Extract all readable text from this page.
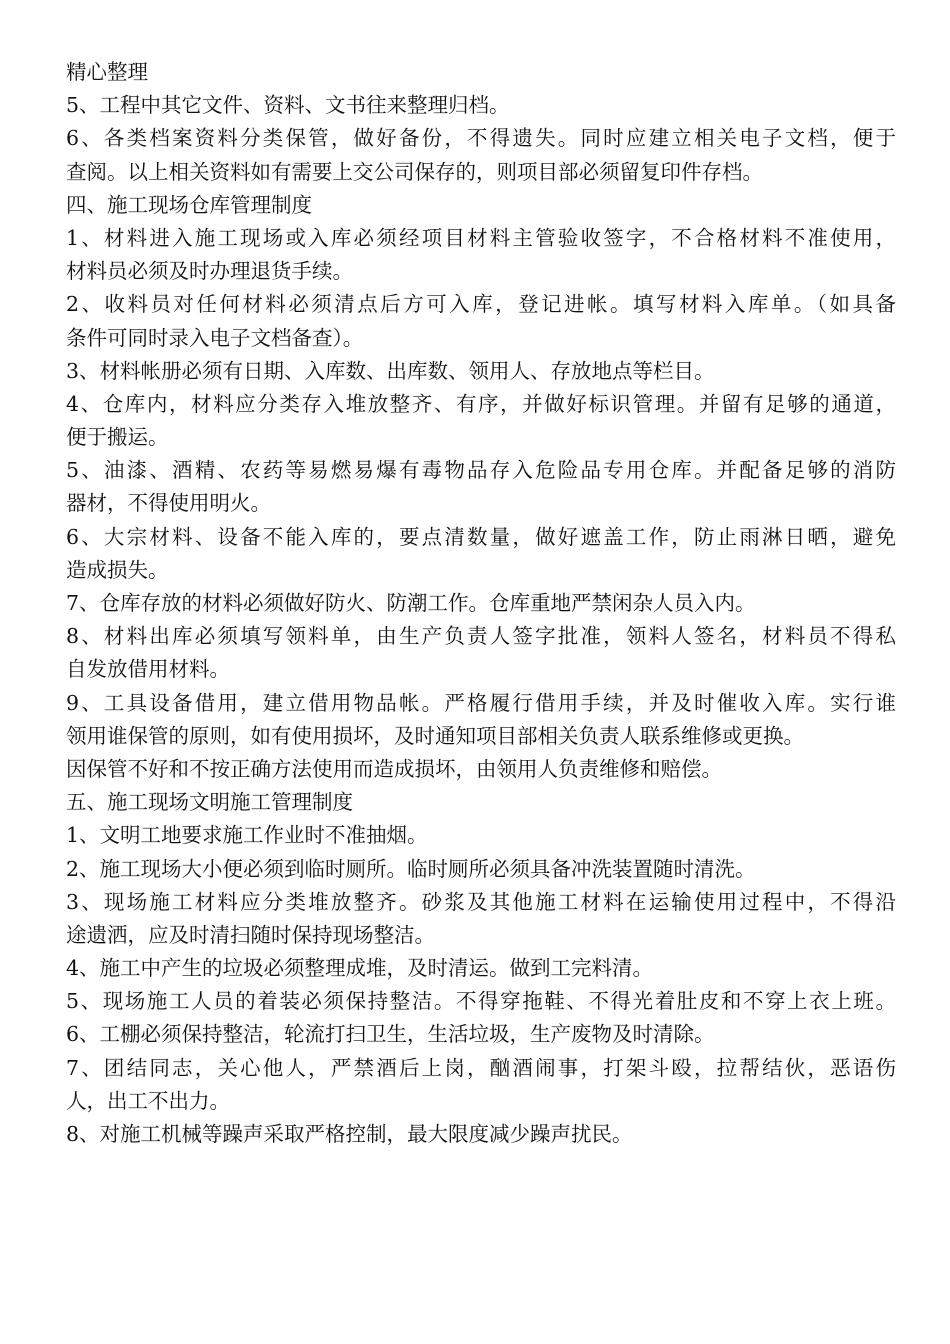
精心整理
5、工程中其它文件、资料、文书往来整理归档。
6、各类档案资料分类保管，做好备份，不得遗失。同时应建立相关电子文档，便于
查阅。以上相关资料如有需要上交公司保存的，则项目部必须留复印件存档。
四、施工现场仓库管理制度
1、材料进入施工现场或入库必须经项目材料主管验收签字，不合格材料不准使用，
材料员必须及时办理退货手续。
2、收料员对任何材料必须清点后方可入库，登记进帐。填写材料入库单。（如具备
条件可同时录入电子文档备查）。
3、材料帐册必须有日期、入库数、出库数、领用人、存放地点等栏目。
4、仓库内，材料应分类存入堆放整齐、有序，并做好标识管理。并留有足够的通道，
便于搬运。
5、油漆、酒精、农药等易燃易爆有毒物品存入危险品专用仓库。并配备足够的消防
器材，不得使用明火。
6、大宗材料、设备不能入库的，要点清数量，做好遮盖工作，防止雨淋日晒，避免
造成损失。
7、仓库存放的材料必须做好防火、防潮工作。仓库重地严禁闲杂人员入内。
8、材料出库必须填写领料单，由生产负责人签字批准，领料人签名，材料员不得私
自发放借用材料。
9、工具设备借用，建立借用物品帐。严格履行借用手续，并及时催收入库。实行谁
领用谁保管的原则，如有使用损坏，及时通知项目部相关负责人联系维修或更换。
因保管不好和不按正确方法使用而造成损坏，由领用人负责维修和赔偿。
五、施工现场文明施工管理制度
1、文明工地要求施工作业时不准抽烟。
2、施工现场大小便必须到临时厕所。临时厕所必须具备冲洗装置随时清洗。
3、现场施工材料应分类堆放整齐。砂浆及其他施工材料在运输使用过程中，不得沿
途遗洒，应及时清扫随时保持现场整洁。
4、施工中产生的垃圾必须整理成堆，及时清运。做到工完料清。
5、现场施工人员的着装必须保持整洁。不得穿拖鞋、不得光着肚皮和不穿上衣上班。
6、工棚必须保持整洁，轮流打扫卫生，生活垃圾，生产废物及时清除。
7、团结同志，关心他人，严禁酒后上岗，酗酒闹事，打架斗殴，拉帮结伙，恶语伤
人，出工不出力。
8、对施工机械等躁声采取严格控制，最大限度减少躁声扰民。
